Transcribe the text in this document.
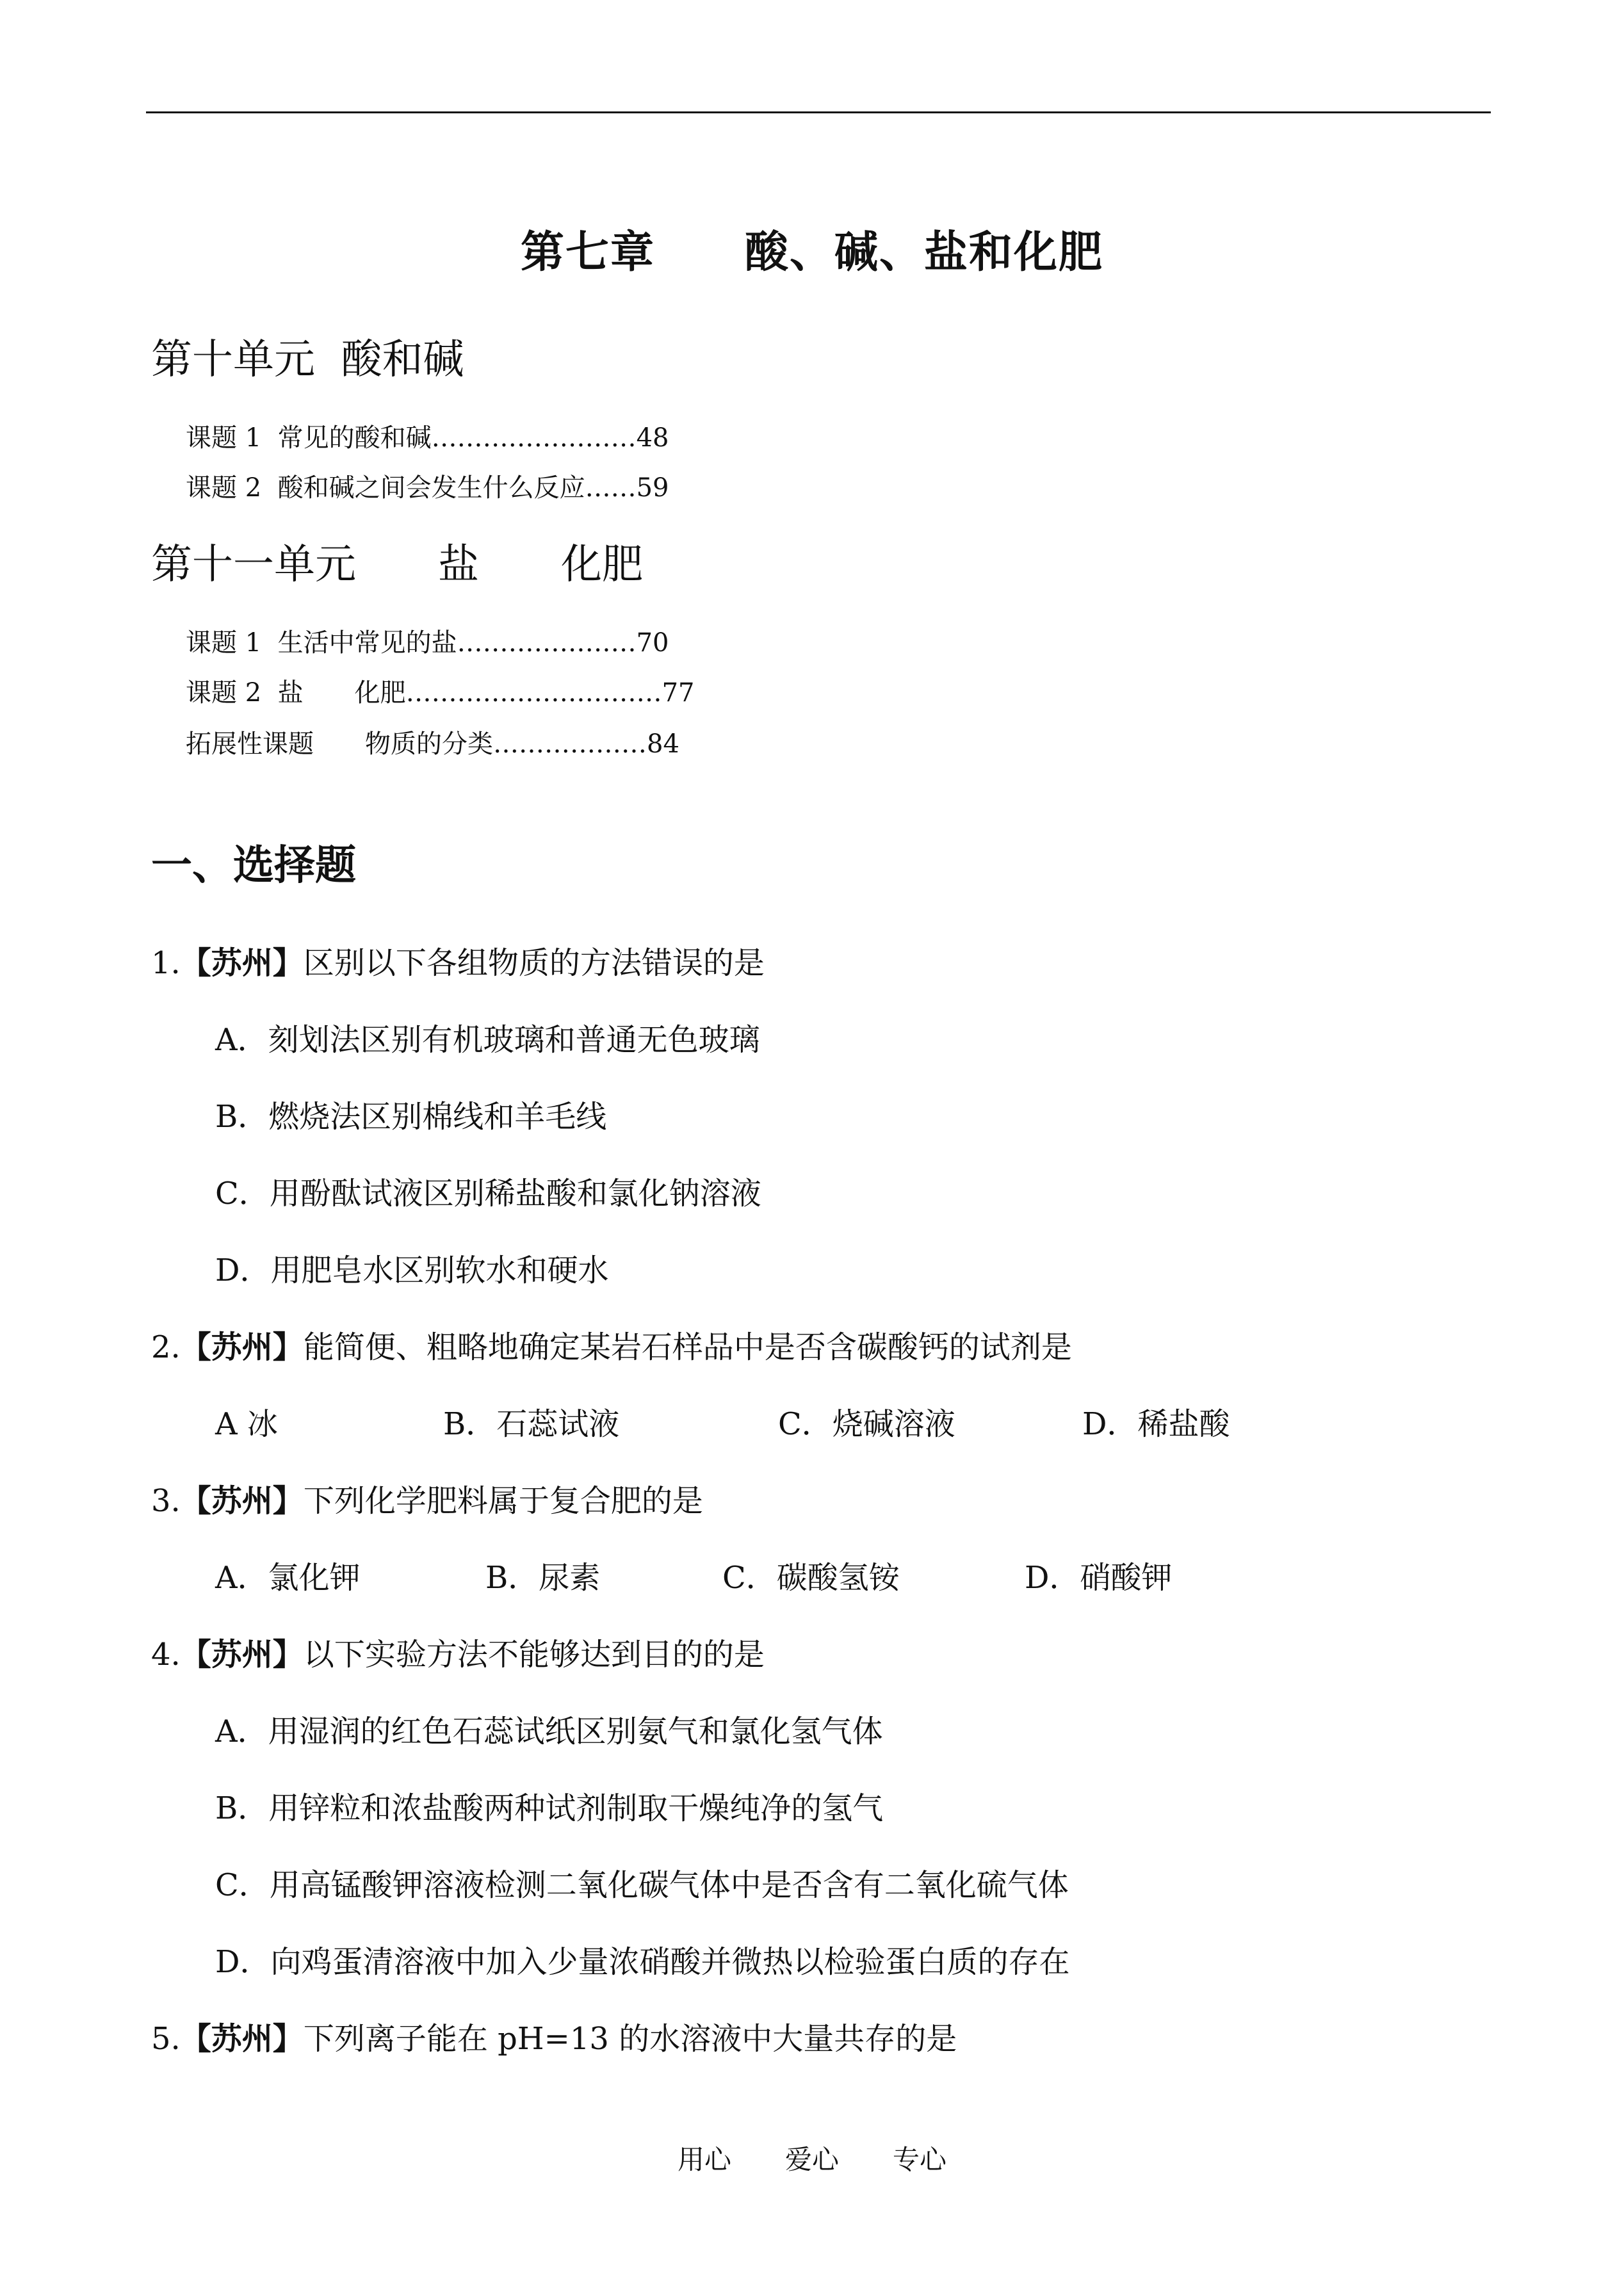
第七章　　酸、碱、盐和化肥
第十单元  酸和碱
课题 1  常见的酸和碱……………………48
课题 2  酸和碱之间会发生什么反应……59
第十一单元　　盐　　化肥
课题 1  生活中常见的盐…………………70
课题 2  盐　　化肥…………………………77
拓展性课题　　物质的分类………………84
一、选择题
1.【苏州】区别以下各组物质的方法错误的是
A．刻划法区别有机玻璃和普通无色玻璃
B．燃烧法区别棉线和羊毛线
C．用酚酞试液区别稀盐酸和氯化钠溶液
D．用肥皂水区别软水和硬水
2.【苏州】能简便、粗略地确定某岩石样品中是否含碳酸钙的试剂是
A 冰	B．石蕊试液	C．烧碱溶液	D．稀盐酸
3.【苏州】下列化学肥料属于复合肥的是
A．氯化钾	B．尿素	C．碳酸氢铵	D．硝酸钾
4.【苏州】以下实验方法不能够达到目的的是
A．用湿润的红色石蕊试纸区别氨气和氯化氢气体
B．用锌粒和浓盐酸两种试剂制取干燥纯净的氢气
C．用高锰酸钾溶液检测二氧化碳气体中是否含有二氧化硫气体
D．向鸡蛋清溶液中加入少量浓硝酸并微热以检验蛋白质的存在
5.【苏州】下列离子能在 pH=13 的水溶液中大量共存的是
用心　　爱心　　专心
